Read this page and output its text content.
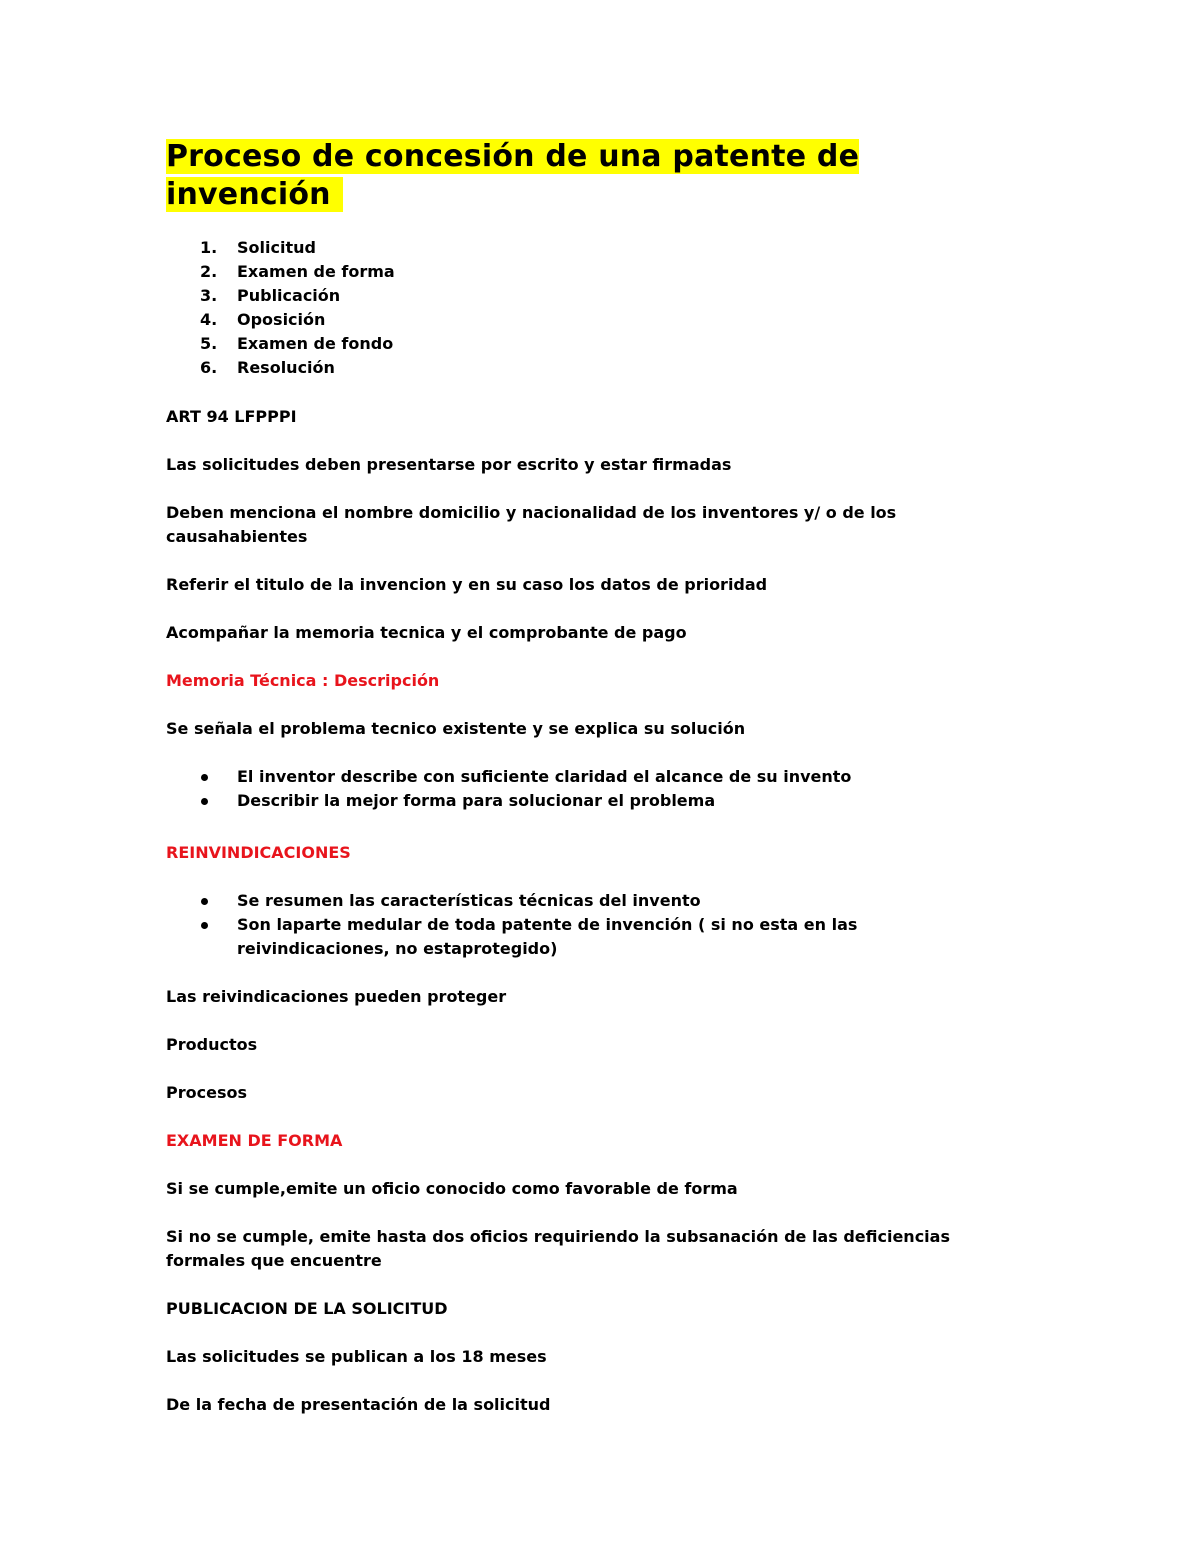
Proceso de concesión de una patente de invención
1. Solicitud
2. Examen de forma
3. Publicación
4. Oposición
5. Examen de fondo
6. Resolución

ART 94 LFPPPI

Las solicitudes deben presentarse por escrito y estar firmadas

Deben menciona el nombre domicilio y nacionalidad de los inventores y/ o de los causahabientes

Referir el titulo de la invencion y en su caso los datos de prioridad

Acompañar la memoria tecnica y el comprobante de pago

Memoria Técnica : Descripción

Se señala el problema tecnico existente y se explica su solución

El inventor describe con suficiente claridad el alcance de su invento
Describir la mejor forma para solucionar el problema

REINVINDICACIONES

Se resumen las características técnicas del invento
Son laparte medular de toda patente de invención ( si no esta en las reivindicaciones, no estaprotegido)

Las reivindicaciones pueden proteger

Productos

Procesos

EXAMEN DE FORMA

Si se cumple,emite un oficio conocido como favorable de forma

Si no se cumple, emite hasta dos oficios requiriendo la subsanación de las deficiencias formales que encuentre

PUBLICACION DE LA SOLICITUD

Las solicitudes se publican a los 18 meses

De la fecha de presentación de la solicitud
